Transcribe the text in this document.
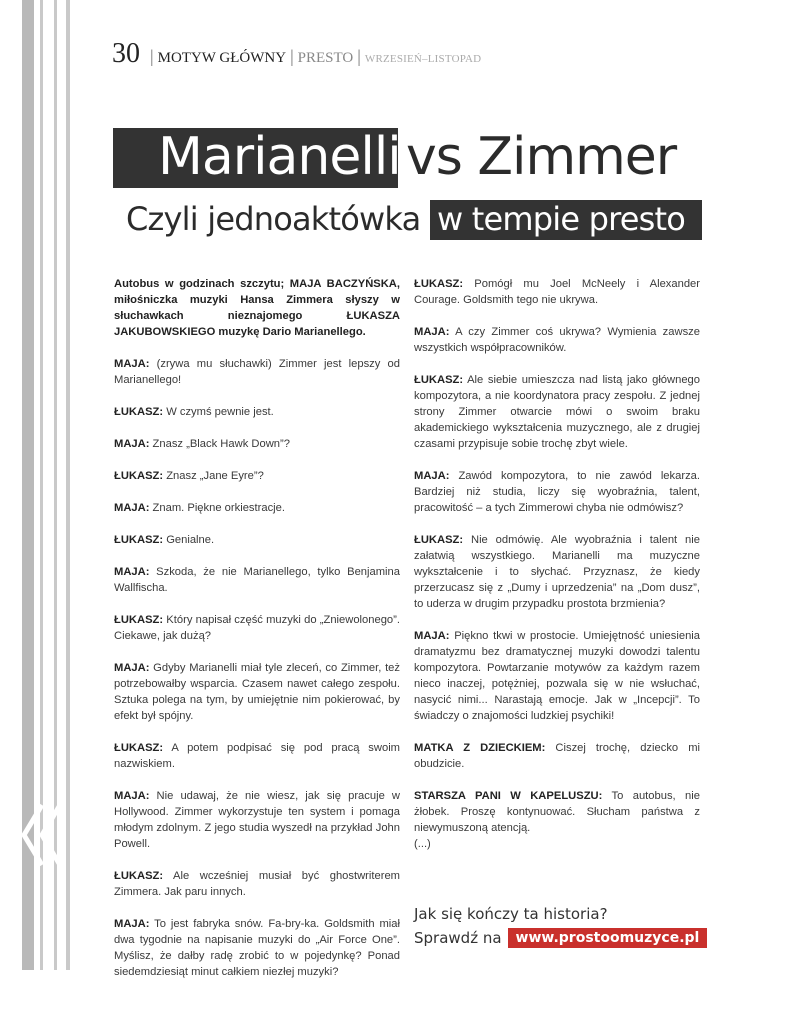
30 | MOTYW GŁÓWNY | PRESTO | WRZESIEŃ–LISTOPAD
Marianelli vs Zimmer
Czyli jednoaktówka w tempie presto

Autobus w godzinach szczytu; MAJA BACZYŃSKA, miłośniczka muzyki Hansa Zimmera słyszy w słuchawkach nieznajomego ŁUKASZA JAKUBOWSKIEGO muzykę Dario Marianellego.

MAJA: (zrywa mu słuchawki) Zimmer jest lepszy od Marianellego!

ŁUKASZ: W czymś pewnie jest.

MAJA: Znasz „Black Hawk Down”?

ŁUKASZ: Znasz „Jane Eyre”?

MAJA: Znam. Piękne orkiestracje.

ŁUKASZ: Genialne.

MAJA: Szkoda, że nie Marianellego, tylko Benjamina Wallfischa.

ŁUKASZ: Który napisał część muzyki do „Zniewolonego”. Ciekawe, jak dużą?

MAJA: Gdyby Marianelli miał tyle zleceń, co Zimmer, też potrzebowałby wsparcia. Czasem nawet całego zespołu. Sztuka polega na tym, by umiejętnie nim pokierować, by efekt był spójny.

ŁUKASZ: A potem podpisać się pod pracą swoim nazwiskiem.

MAJA: Nie udawaj, że nie wiesz, jak się pracuje w Hollywood. Zimmer wykorzystuje ten system i pomaga młodym zdolnym. Z jego studia wyszedł na przykład John Powell.

ŁUKASZ: Ale wcześniej musiał być ghostwriterem Zimmera. Jak paru innych.

MAJA: To jest fabryka snów. Fa-bry-ka. Goldsmith miał dwa tygodnie na napisanie muzyki do „Air Force One”. Myślisz, że dałby radę zrobić to w pojedynkę? Ponad siedemdziesiąt minut całkiem niezłej muzyki?

ŁUKASZ: Pomógł mu Joel McNeely i Alexander Courage. Goldsmith tego nie ukrywa.

MAJA: A czy Zimmer coś ukrywa? Wymienia zawsze wszystkich współpracowników.

ŁUKASZ: Ale siebie umieszcza nad listą jako głównego kompozytora, a nie koordynatora pracy zespołu. Z jednej strony Zimmer otwarcie mówi o swoim braku akademickiego wykształcenia muzycznego, ale z drugiej czasami przypisuje sobie trochę zbyt wiele.

MAJA: Zawód kompozytora, to nie zawód lekarza. Bardziej niż studia, liczy się wyobraźnia, talent, pracowitość – a tych Zimmerowi chyba nie odmówisz?

ŁUKASZ: Nie odmówię. Ale wyobraźnia i talent nie załatwią wszystkiego. Marianelli ma muzyczne wykształcenie i to słychać. Przyznasz, że kiedy przerzucasz się z „Dumy i uprzedzenia” na „Dom dusz”, to uderza w drugim przypadku prostota brzmienia?

MAJA: Piękno tkwi w prostocie. Umiejętność uniesienia dramatyzmu bez dramatycznej muzyki dowodzi talentu kompozytora. Powtarzanie motywów za każdym razem nieco inaczej, potężniej, pozwala się w nie wsłuchać, nasycić nimi... Narastają emocje. Jak w „Incepcji”. To świadczy o znajomości ludzkiej psychiki!

MATKA Z DZIECKIEM: Ciszej trochę, dziecko mi obudzicie.

STARSZA PANI W KAPELUSZU: To autobus, nie żłobek. Proszę kontynuować. Słucham państwa z niewymuszoną atencją.

(...)

Jak się kończy ta historia?
Sprawdź na	www.prostoomuzyce.pl
